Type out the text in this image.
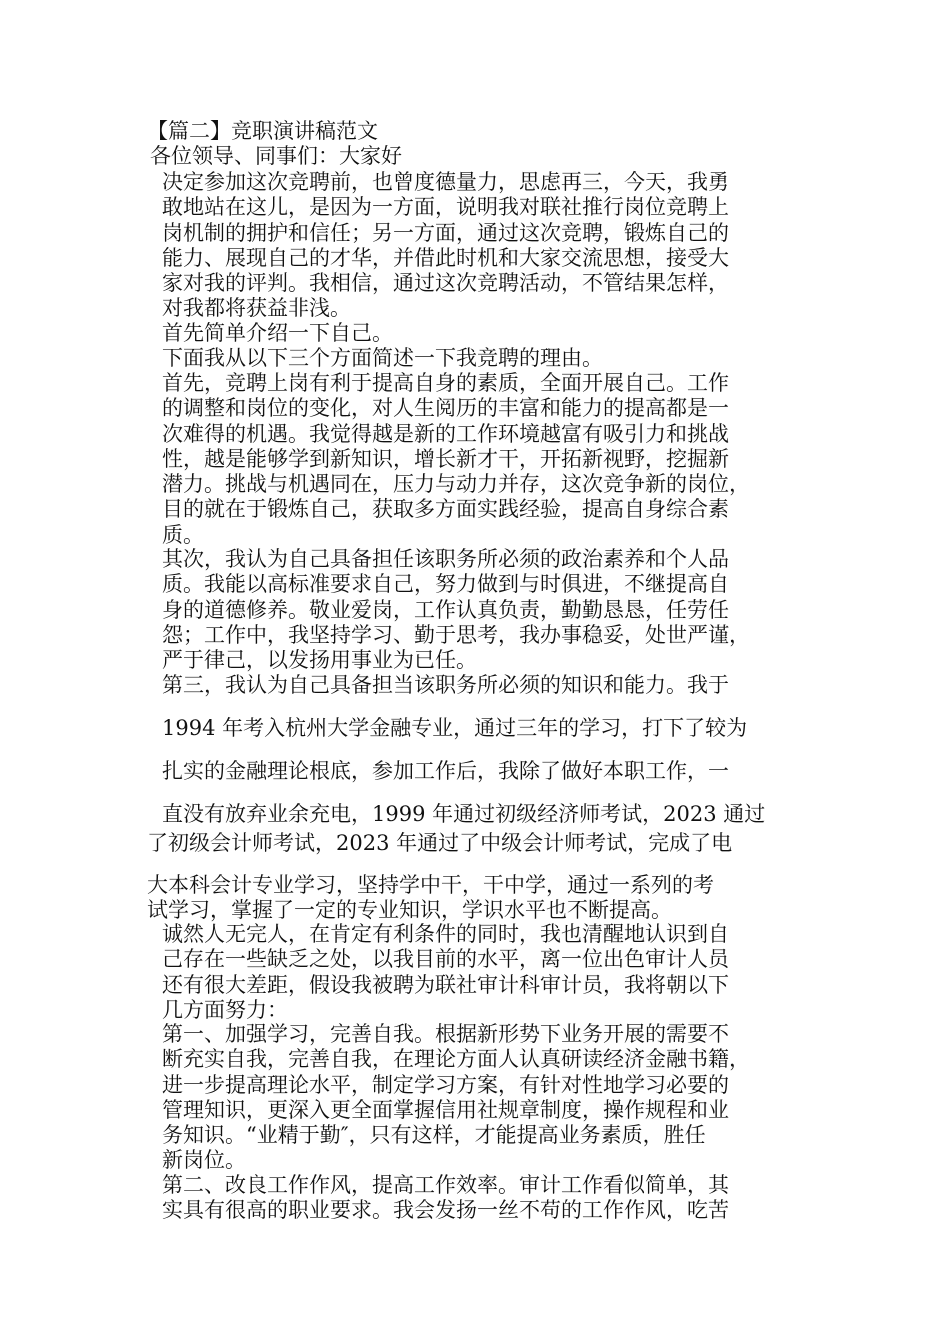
【篇二】竞职演讲稿范文

各位领导、同事们：大家好

决定参加这次竞聘前，也曾度德量力，思虑再三，今天，我勇
敢地站在这儿，是因为一方面，说明我对联社推行岗位竞聘上
岗机制的拥护和信任；另一方面，通过这次竞聘，锻炼自己的
能力、展现自己的才华，并借此时机和大家交流思想，接受大
家对我的评判。我相信，通过这次竞聘活动，不管结果怎样，
对我都将获益非浅。

首先简单介绍一下自己。

下面我从以下三个方面简述一下我竞聘的理由。

首先，竞聘上岗有利于提高自身的素质，全面开展自己。工作
的调整和岗位的变化，对人生阅历的丰富和能力的提高都是一
次难得的机遇。我觉得越是新的工作环境越富有吸引力和挑战
性，越是能够学到新知识，增长新才干，开拓新视野，挖掘新
潜力。挑战与机遇同在，压力与动力并存，这次竞争新的岗位，
目的就在于锻炼自己，获取多方面实践经验，提高自身综合素
质。

其次，我认为自己具备担任该职务所必须的政治素养和个人品
质。我能以高标准要求自己，努力做到与时俱进，不继提高自
身的道德修养。敬业爱岗，工作认真负责，勤勤恳恳，任劳任
怨；工作中，我坚持学习、勤于思考，我办事稳妥，处世严谨，
严于律己，以发扬用事业为已任。

第三，我认为自己具备担当该职务所必须的知识和能力。我于
1994 年考入杭州大学金融专业，通过三年的学习，打下了较为
扎实的金融理论根底，参加工作后，我除了做好本职工作，一
直没有放弃业余充电，1999 年通过初级经济师考试，2023 通过

了初级会计师考试，2023 年通过了中级会计师考试，完成了电

大本科会计专业学习，坚持学中干，干中学，通过一系列的考
试学习，掌握了一定的专业知识，学识水平也不断提高。

诚然人无完人，在肯定有利条件的同时，我也清醒地认识到自
己存在一些缺乏之处，以我目前的水平，离一位出色审计人员
还有很大差距，假设我被聘为联社审计科审计员，我将朝以下
几方面努力：

第一、加强学习，完善自我。根据新形势下业务开展的需要不
断充实自我，完善自我，在理论方面人认真研读经济金融书籍，
进一步提高理论水平，制定学习方案，有针对性地学习必要的
管理知识，更深入更全面掌握信用社规章制度，操作规程和业
务知识。“业精于勤″，只有这样，才能提高业务素质，胜任
新岗位。

第二、改良工作作风，提高工作效率。审计工作看似简单，其
实具有很高的职业要求。我会发扬一丝不苟的工作作风，吃苦
